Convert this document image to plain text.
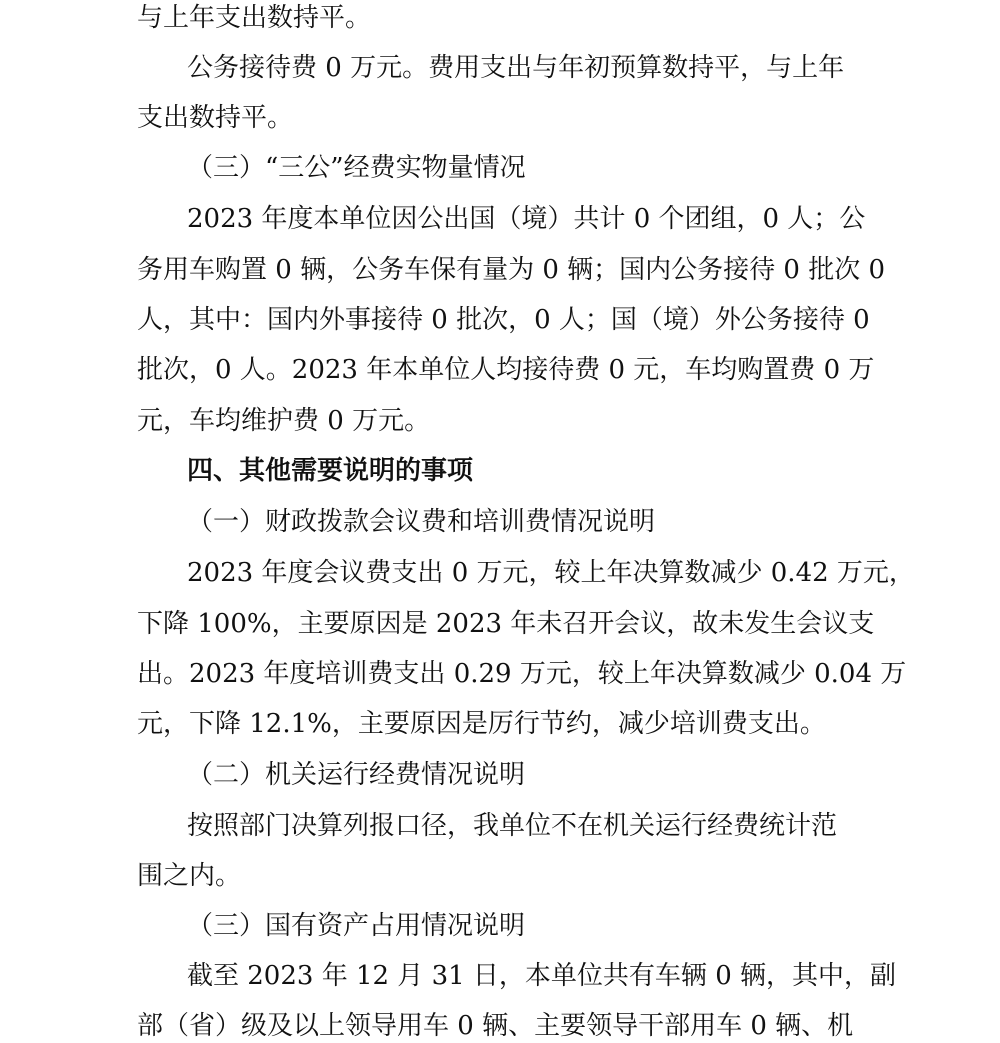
与上年支出数持平。
公务接待费 0 万元。费用支出与年初预算数持平，与上年
支出数持平。
（三）“三公”经费实物量情况
2023 年度本单位因公出国（境）共计 0 个团组，0 人；公
务用车购置 0 辆，公务车保有量为 0 辆；国内公务接待 0 批次 0
人，其中：国内外事接待 0 批次，0 人；国（境）外公务接待 0
批次，0 人。2023 年本单位人均接待费 0 元，车均购置费 0 万
元，车均维护费 0 万元。
四、其他需要说明的事项
（一）财政拨款会议费和培训费情况说明
2023 年度会议费支出 0 万元，较上年决算数减少 0.42 万元，
下降 100%，主要原因是 2023 年未召开会议，故未发生会议支
出。2023 年度培训费支出 0.29 万元，较上年决算数减少 0.04 万
元，下降 12.1%，主要原因是厉行节约，减少培训费支出。
（二）机关运行经费情况说明
按照部门决算列报口径，我单位不在机关运行经费统计范
围之内。
（三）国有资产占用情况说明
截至 2023 年 12 月 31 日，本单位共有车辆 0 辆，其中，副
部（省）级及以上领导用车 0 辆、主要领导干部用车 0 辆、机
